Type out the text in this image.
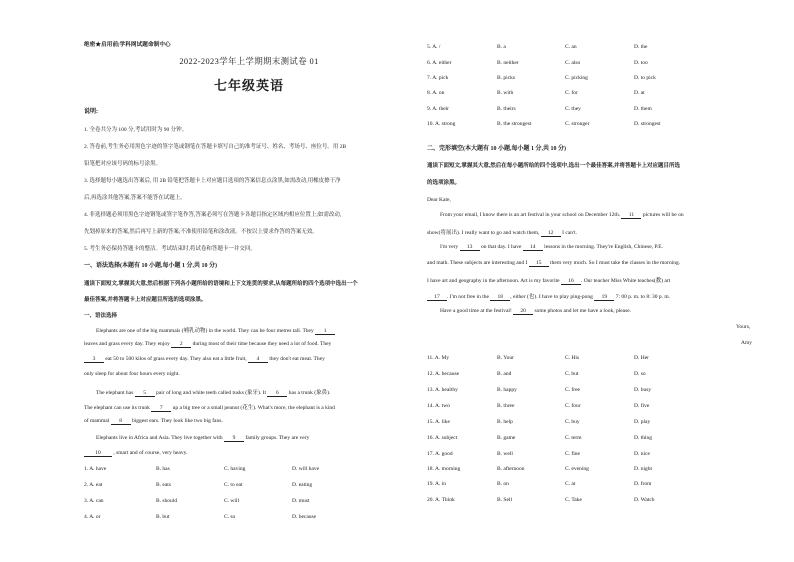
绝密★启用前|学科网试题命制中心
2022-2023学年上学期期末测试卷 01
七年级英语
说明:
1. 全卷共分为 100 分,考试用时为 90 分钟。
2. 答卷前,考生务必用黑色字迹的签字笔或钢笔在答题卡填写自己的准考证号、姓名、考场号、座位号。用 2B
铅笔把对应该号码的标号涂黑。
3. 选择题每小题选出答案后, 用 2B 铅笔把答题卡上对应题目选项的答案信息点涂黑,如需改动,用橡皮擦干净
后,再选涂其他答案,答案不能答在试题上。
4. 非选择题必须用黑色字迹钢笔或签字笔作答,答案必须写在答题卡各题目指定区域内相应位置上;如需改动,
先划掉原来的答案,然后再写上新的答案;不准使用铅笔和涂改液。不按以上要求作答的答案无效。
5. 考生务必保持答题卡的整洁。考试结束时,将试卷和答题卡一并交回。
一、语法选择(本题有 10 小题,每小题 1 分,共 10 分)
通读下面短文,掌握其大意,然后根据下列各小题所给的语境和上下文连贯的要求,从每题所给的四个选项中选出一个
最佳答案,并将答题卡上对应题目所选的选项涂黑。
一、语法选择
Elephants are one of the big mammals (哺乳动物) in the world. They can be four metres tall. They 1
leaves and grass every day. They enjoy 2 during most of their time because they need a lot of food. They
3 eat 50 to 500 kilos of grass every day. They also eat a little fruit, 4 they don't eat meat. They
only sleep for about four hours every night.
The elephant has 5 pair of long and white teeth called tusks (象牙). It 6 has a trunk (象鼻).
The elephant can use its trunk 7 up a big tree or a small peanut (花生). What's more, the elephant is a kind
of mammal 8 biggest ears. They look like two big fans.
Elephants live in Africa and Asia. They live together with 9 family groups. They are very
10 , smart and of course, very heavy.
1. A. have	B. has	C. having	D. will have
2. A. eat	B. eats	C. to eat	D. eating
3. A. can	B. should	C. will	D. must
4. A. or	B. but	C. so	D. because
5. A. /	B. a	C. an	D. the
6. A. either	B. neither	C. also	D. too
7. A. pick	B. picks	C. picking	D. to pick
8. A. on	B. with	C. for	D. at
9. A. their	B. theirs	C. they	D. them
10. A. strong	B. the strongest	C. stronger	D. strongest
二、完形填空(本大题有 10 小题,每小题 1 分,共 10 分)
通读下面短文,掌握其大意,然后在每小题所给的四个选项中,选出一个最佳答案,并将答题卡上对应题目所选
的选项涂黑。
Dear Kate,
From your email, I know there is an art festival in your school on December 12th. 11 pictures will be on
show(将展出). I really want to go and watch them, 12 I can't.
I'm very 13 on that day. I have 14 lessons in the morning. They're English, Chinese, P.E.
and math. These subjects are interesting and I 15 them very much. So I must take the classes in the morning.
I have art and geography in the afternoon. Art is my favorite 16 . Our teacher Miss White teaches(教) art
17 . I'm not free in the 18 , either (也). I have to play ping-pong 19 7: 00 p. m. to 8: 30 p. m.
Have a good time at the festival! 20 some photos and let me have a look, please.
Yours,
Amy
11. A. My	B. Your	C. His	D. Her
12. A. because	B. and	C. but	D. so
13. A. healthy	B. happy	C. free	D. busy
14. A. two	B. three	C. four	D. five
15. A. like	B. help	C. buy	D. play
16. A. subject	B. game	C. term	D. thing
17. A. good	B. well	C. fine	D. nice
18. A. morning	B. afternoon	C. evening	D. night
19. A. in	B. on	C. at	D. from
20. A. Think	B. Sell	C. Take	D. Watch
